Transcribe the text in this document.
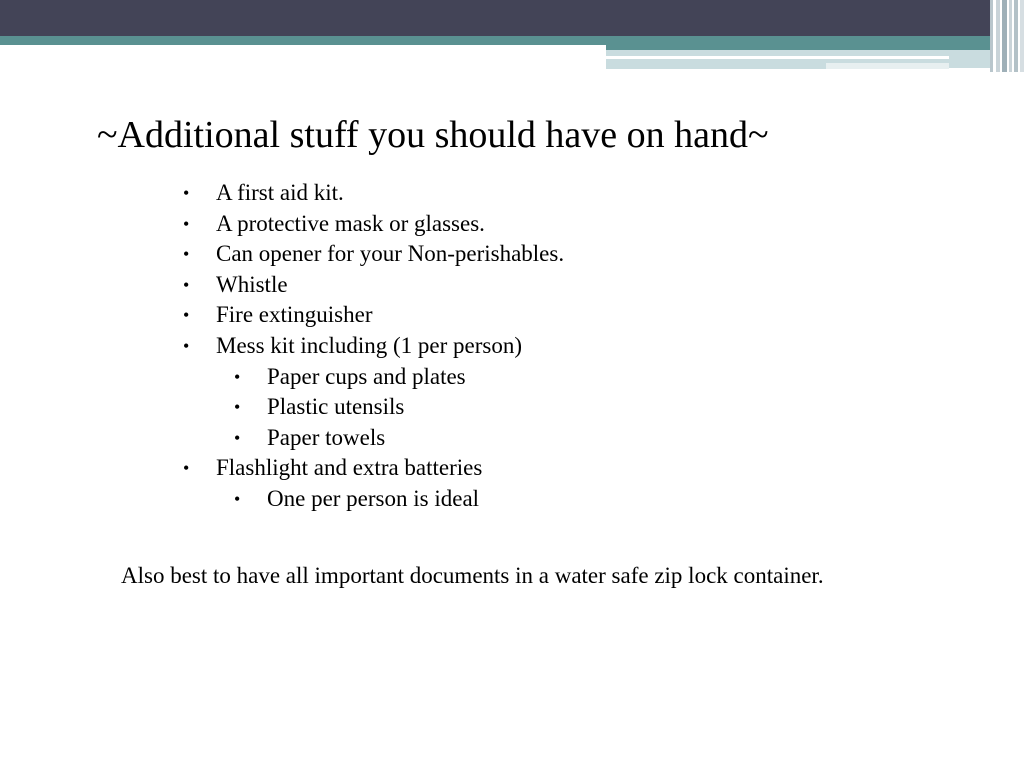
~Additional stuff you should have on hand~
• A first aid kit.
• A protective mask or glasses.
• Can opener for your Non-perishables.
• Whistle
• Fire extinguisher
• Mess kit including (1 per person)
• Paper cups and plates
• Plastic utensils
• Paper towels
• Flashlight and extra batteries
• One per person is ideal
Also best to have all important documents in a water safe zip lock container.
